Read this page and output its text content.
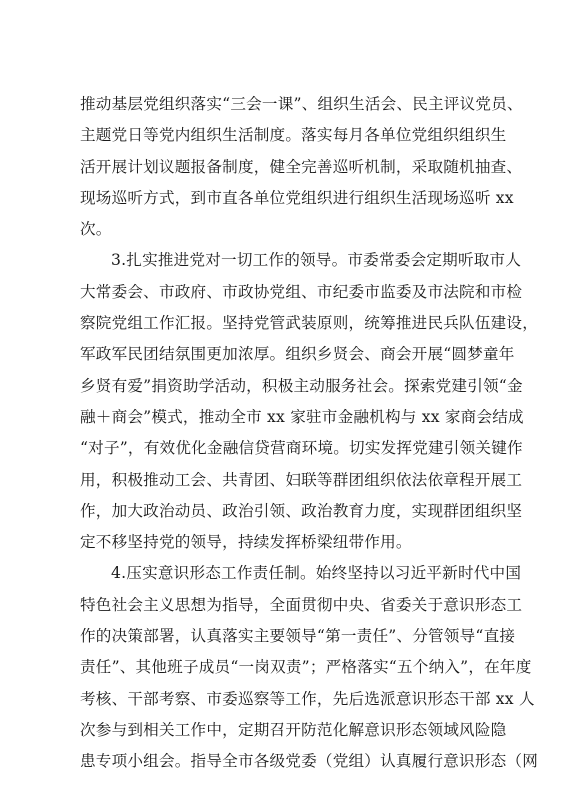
推动基层党组织落实“三会一课”、组织生活会、民主评议党员、
主题党日等党内组织生活制度。落实每月各单位党组织组织生
活开展计划议题报备制度，健全完善巡听机制，采取随机抽查、
现场巡听方式，到市直各单位党组织进行组织生活现场巡听 xx
次。
3.扎实推进党对一切工作的领导。市委常委会定期听取市人
大常委会、市政府、市政协党组、市纪委市监委及市法院和市检
察院党组工作汇报。坚持党管武装原则，统筹推进民兵队伍建设，
军政军民团结氛围更加浓厚。组织乡贤会、商会开展“圆梦童年
乡贤有爱”捐资助学活动，积极主动服务社会。探索党建引领“金
融＋商会”模式，推动全市 xx 家驻市金融机构与 xx 家商会结成
“对子”，有效优化金融信贷营商环境。切实发挥党建引领关键作
用，积极推动工会、共青团、妇联等群团组织依法依章程开展工
作，加大政治动员、政治引领、政治教育力度，实现群团组织坚
定不移坚持党的领导，持续发挥桥梁纽带作用。
4.压实意识形态工作责任制。始终坚持以习近平新时代中国
特色社会主义思想为指导，全面贯彻中央、省委关于意识形态工
作的决策部署，认真落实主要领导“第一责任”、分管领导“直接
责任”、其他班子成员“一岗双责”；严格落实“五个纳入”，在年度
考核、干部考察、市委巡察等工作，先后选派意识形态干部 xx 人
次参与到相关工作中，定期召开防范化解意识形态领域风险隐
患专项小组会。指导全市各级党委（党组）认真履行意识形态（网
